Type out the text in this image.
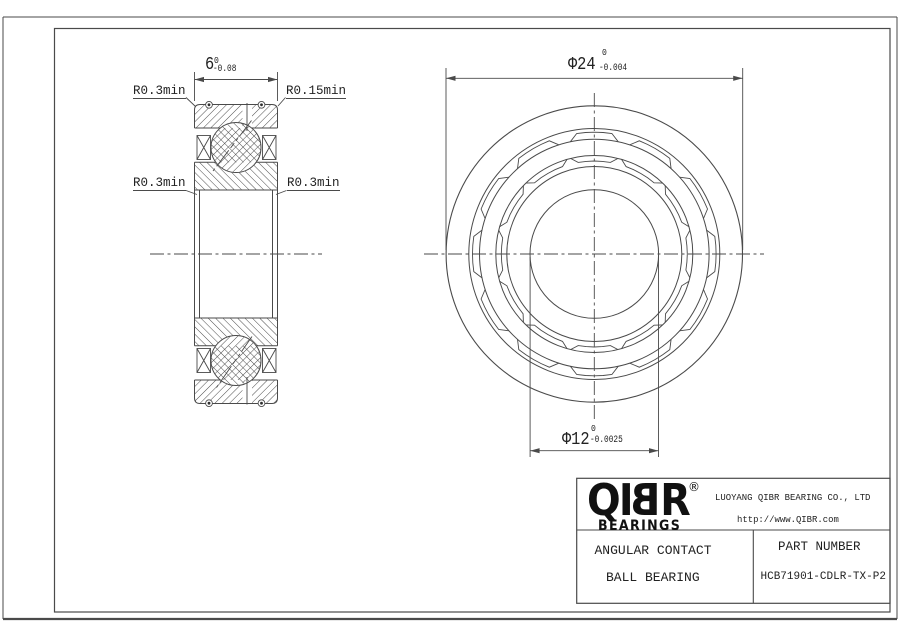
6 0
-0.08
R0.3min	R0.15min
R0.3min	R0.3min
Φ24
0
-0.004
Φ12
0
-0.0025
QIBR ®
BEARINGS
LUOYANG QIBR BEARING CO., LTD
http://www.QIBR.com
ANGULAR CONTACT
BALL BEARING
PART NUMBER
HCB71901-CDLR-TX-P2
